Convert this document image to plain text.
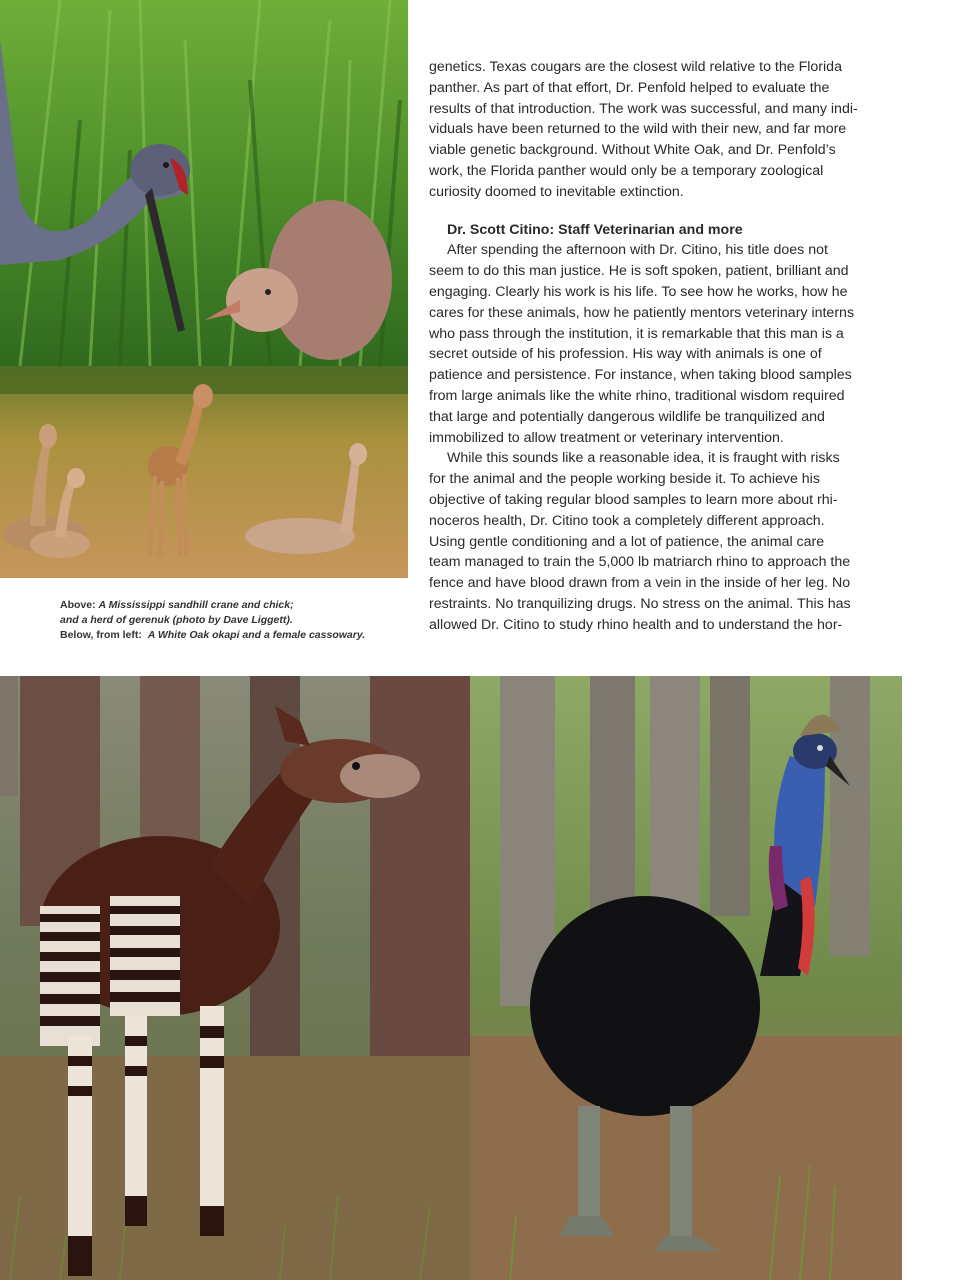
genetics. Texas cougars are the closest wild relative to the Florida
panther. As part of that effort, Dr. Penfold helped to evaluate the
results of that introduction. The work was successful, and many indi-
viduals have been returned to the wild with their new, and far more
viable genetic background. Without White Oak, and Dr. Penfold’s
work, the Florida panther would only be a temporary zoological
curiosity doomed to inevitable extinction.
Dr. Scott Citino: Staff Veterinarian and more
After spending the afternoon with Dr. Citino, his title does not
seem to do this man justice. He is soft spoken, patient, brilliant and
engaging. Clearly his work is his life. To see how he works, how he
cares for these animals, how he patiently mentors veterinary interns
who pass through the institution, it is remarkable that this man is a
secret outside of his profession. His way with animals is one of
patience and persistence. For instance, when taking blood samples
from large animals like the white rhino, traditional wisdom required
that large and potentially dangerous wildlife be tranquilized and
immobilized to allow treatment or veterinary intervention.
While this sounds like a reasonable idea, it is fraught with risks
for the animal and the people working beside it. To achieve his
objective of taking regular blood samples to learn more about rhi-
noceros health, Dr. Citino took a completely different approach.
Using gentle conditioning and a lot of patience, the animal care
team managed to train the 5,000 lb matriarch rhino to approach the
fence and have blood drawn from a vein in the inside of her leg. No
restraints. No tranquilizing drugs. No stress on the animal. This has
allowed Dr. Citino to study rhino health and to understand the hor-
Above: A Mississippi sandhill crane and chick;
and a herd of gerenuk (photo by Dave Liggett).
Below, from left: A White Oak okapi and a female cassowary.
